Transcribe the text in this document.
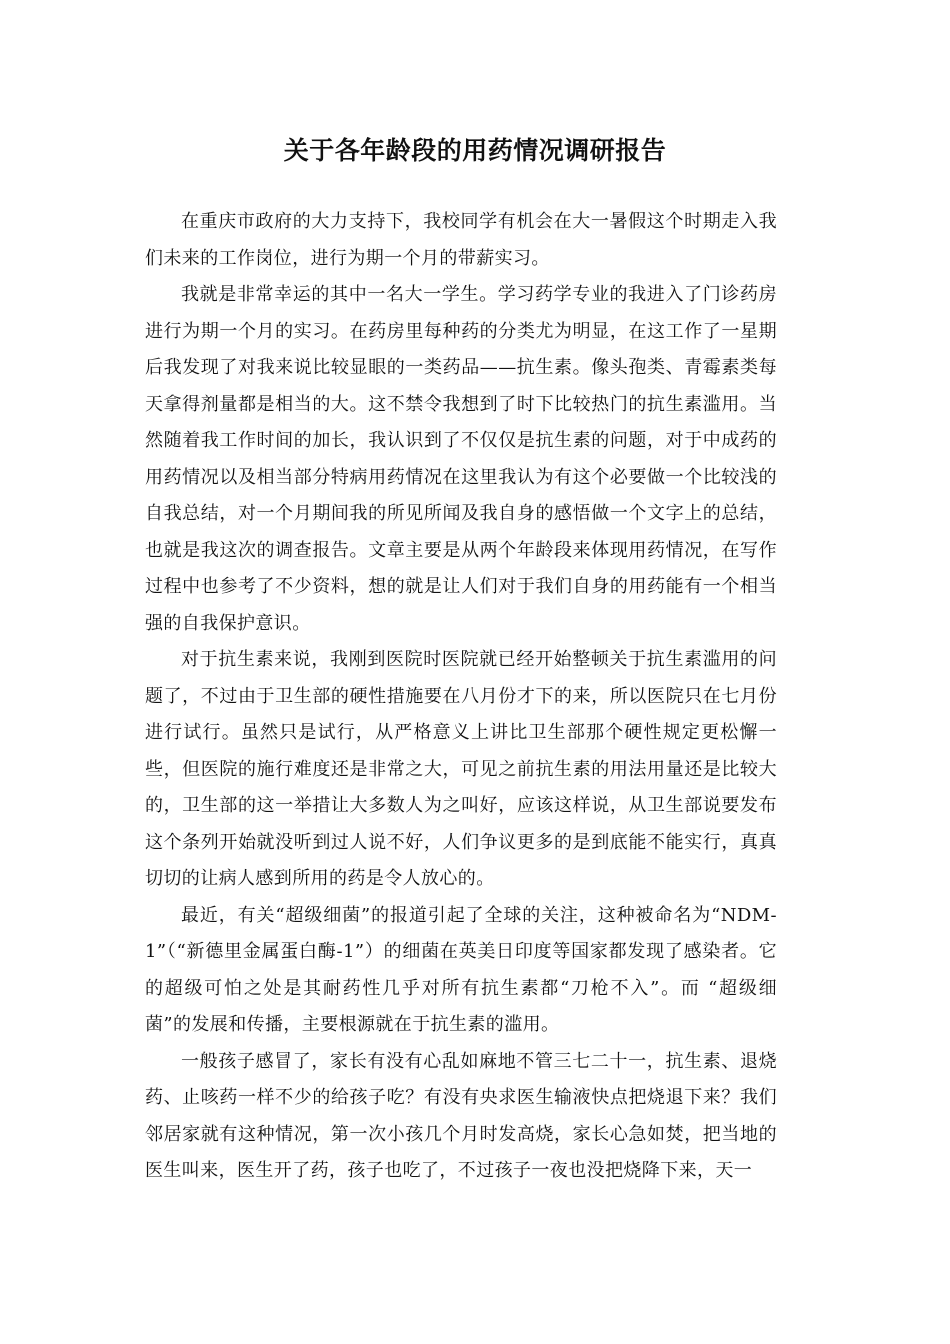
关于各年龄段的用药情况调研报告

在重庆市政府的大力支持下，我校同学有机会在大一暑假这个时期走入我们未来的工作岗位，进行为期一个月的带薪实习。

我就是非常幸运的其中一名大一学生。学习药学专业的我进入了门诊药房进行为期一个月的实习。在药房里每种药的分类尤为明显，在这工作了一星期后我发现了对我来说比较显眼的一类药品——抗生素。像头孢类、青霉素类每天拿得剂量都是相当的大。这不禁令我想到了时下比较热门的抗生素滥用。当然随着我工作时间的加长，我认识到了不仅仅是抗生素的问题，对于中成药的用药情况以及相当部分特病用药情况在这里我认为有这个必要做一个比较浅的自我总结，对一个月期间我的所见所闻及我自身的感悟做一个文字上的总结，也就是我这次的调查报告。文章主要是从两个年龄段来体现用药情况，在写作过程中也参考了不少资料，想的就是让人们对于我们自身的用药能有一个相当强的自我保护意识。

对于抗生素来说，我刚到医院时医院就已经开始整顿关于抗生素滥用的问题了，不过由于卫生部的硬性措施要在八月份才下的来，所以医院只在七月份进行试行。虽然只是试行，从严格意义上讲比卫生部那个硬性规定更松懈一些，但医院的施行难度还是非常之大，可见之前抗生素的用法用量还是比较大的，卫生部的这一举措让大多数人为之叫好，应该这样说，从卫生部说要发布这个条列开始就没听到过人说不好，人们争议更多的是到底能不能实行，真真切切的让病人感到所用的药是令人放心的。

最近，有关“超级细菌”的报道引起了全球的关注，这种被命名为“NDM-1”（“新德里金属蛋白酶-1”）的细菌在英美日印度等国家都发现了感染者。它的超级可怕之处是其耐药性几乎对所有抗生素都“刀枪不入”。而 “超级细菌”的发展和传播，主要根源就在于抗生素的滥用。

一般孩子感冒了，家长有没有心乱如麻地不管三七二十一，抗生素、退烧药、止咳药一样不少的给孩子吃？有没有央求医生输液快点把烧退下来？我们邻居家就有这种情况，第一次小孩几个月时发高烧，家长心急如焚，把当地的医生叫来，医生开了药，孩子也吃了，不过孩子一夜也没把烧降下来，天一
